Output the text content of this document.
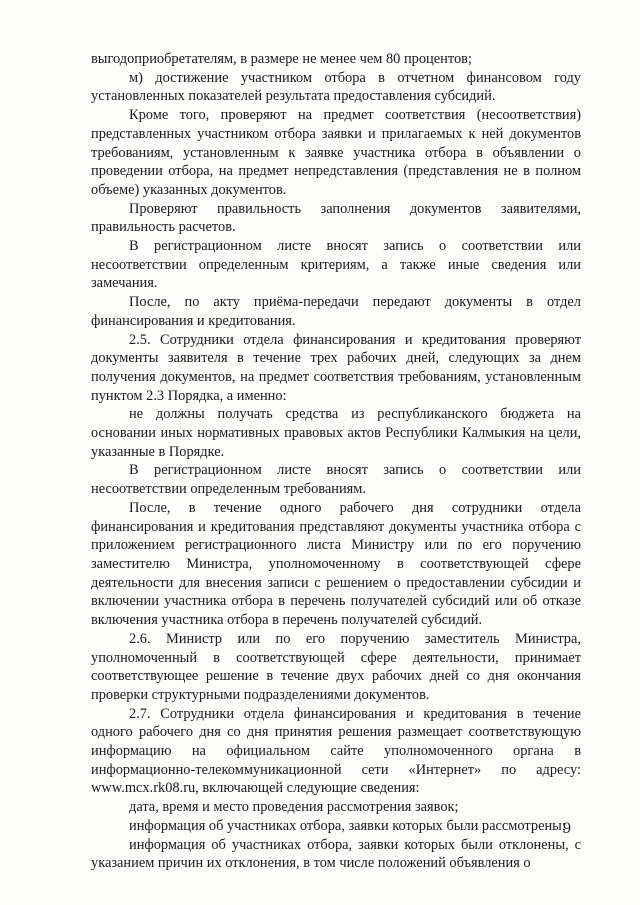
выгодоприобретателям, в размере не менее чем 80 процентов;

м) достижение участником отбора в отчетном финансовом году установленных показателей результата предоставления субсидий.

Кроме того, проверяют на предмет соответствия (несоответствия) представленных участником отбора заявки и прилагаемых к ней документов требованиям, установленным к заявке участника отбора в объявлении о проведении отбора, на предмет непредставления (представления не в полном объеме) указанных документов.

Проверяют правильность заполнения документов заявителями, правильность расчетов.

В регистрационном листе вносят запись о соответствии или несоответствии определенным критериям, а также иные сведения или замечания.

После, по акту приёма-передачи передают документы в отдел финансирования и кредитования.

2.5. Сотрудники отдела финансирования и кредитования проверяют документы заявителя в течение трех рабочих дней, следующих за днем получения документов, на предмет соответствия требованиям, установленным пунктом 2.3 Порядка, а именно:

не должны получать средства из республиканского бюджета на основании иных нормативных правовых актов Республики Калмыкия на цели, указанные в Порядке.

В регистрационном листе вносят запись о соответствии или несоответствии определенным требованиям.

После, в течение одного рабочего дня сотрудники отдела финансирования и кредитования представляют документы участника отбора с приложением регистрационного листа Министру или по его поручению заместителю Министра, уполномоченному в соответствующей сфере деятельности для внесения записи с решением о предоставлении субсидии и включении участника отбора в перечень получателей субсидий или об отказе включения участника отбора в перечень получателей субсидий.

2.6. Министр или по его поручению заместитель Министра, уполномоченный в соответствующей сфере деятельности, принимает соответствующее решение в течение двух рабочих дней со дня окончания проверки структурными подразделениями документов.

2.7. Сотрудники отдела финансирования и кредитования в течение одного рабочего дня со дня принятия решения размещает соответствующую информацию на официальном сайте уполномоченного органа в информационно-телекоммуникационной сети «Интернет» по адресу: www.mcx.rk08.ru, включающей следующие сведения:

дата, время и место проведения рассмотрения заявок;

информация об участниках отбора, заявки которых были рассмотрены;

информация об участниках отбора, заявки которых были отклонены, с указанием причин их отклонения, в том числе положений объявления о

9
